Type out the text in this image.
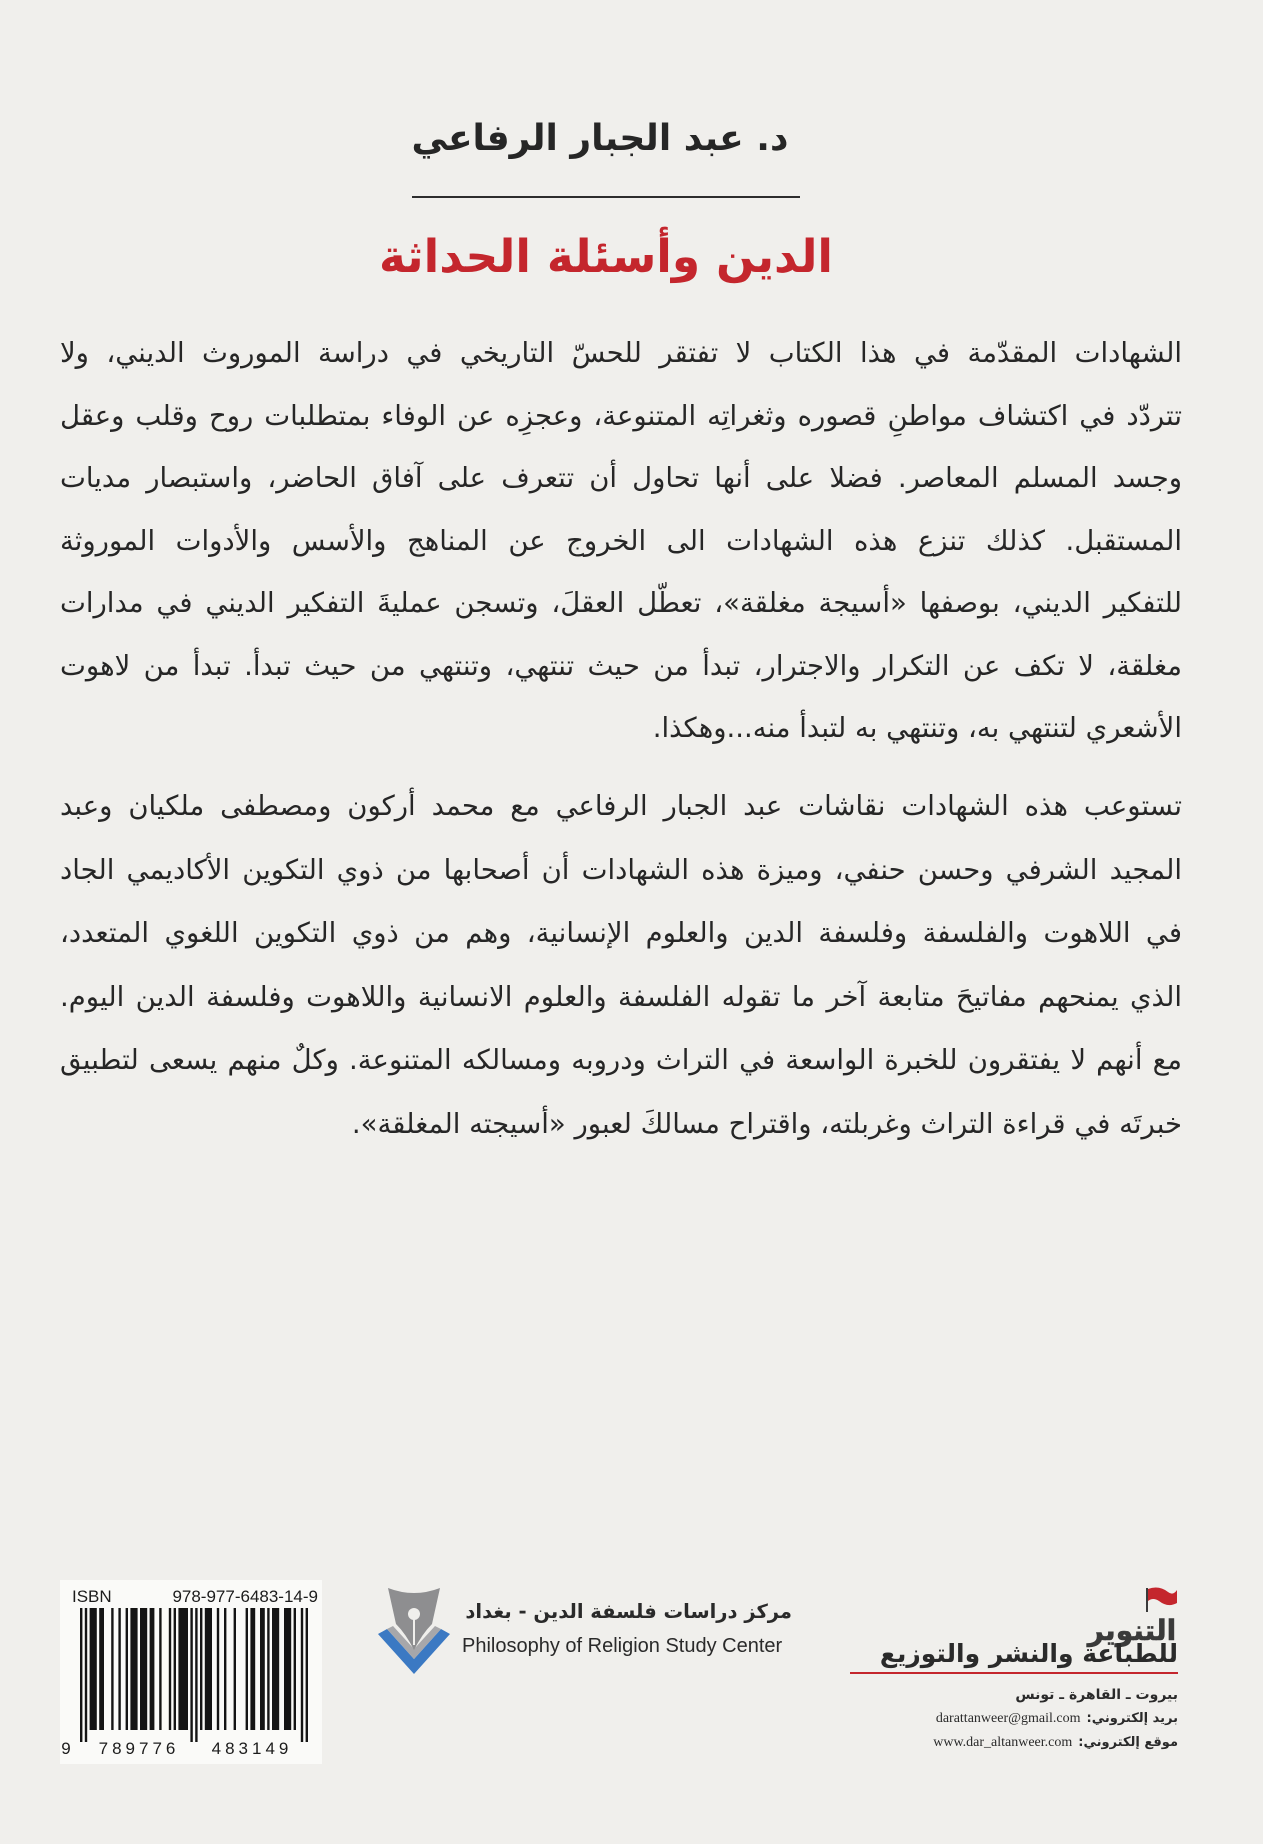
د. عبد الجبار الرفاعي
الدين وأسئلة الحداثة
الشهادات المقدّمة في هذا الكتاب لا تفتقر للحسّ التاريخي في دراسة الموروث الديني، ولا
تتردّد في اكتشاف مواطنِ قصوره وثغراتِه المتنوعة، وعجزِه عن الوفاء بمتطلبات روح وقلب وعقل
وجسد المسلم المعاصر. فضلا على أنها تحاول أن تتعرف على آفاق الحاضر، واستبصار مديات
المستقبل. كذلك تنزع هذه الشهادات الى الخروج عن المناهج والأسس والأدوات الموروثة
للتفكير الديني، بوصفها «أسيجة مغلقة»، تعطّل العقلَ، وتسجن عمليةَ التفكير الديني في مدارات
مغلقة، لا تكف عن التكرار والاجترار، تبدأ من حيث تنتهي، وتنتهي من حيث تبدأ. تبدأ من لاهوت
الأشعري لتنتهي به، وتنتهي به لتبدأ منه...وهكذا.
تستوعب هذه الشهادات نقاشات عبد الجبار الرفاعي مع محمد أركون ومصطفى ملكيان وعبد
المجيد الشرفي وحسن حنفي، وميزة هذه الشهادات أن أصحابها من ذوي التكوين الأكاديمي الجاد
في اللاهوت والفلسفة وفلسفة الدين والعلوم الإنسانية، وهم من ذوي التكوين اللغوي المتعدد،
الذي يمنحهم مفاتيحَ متابعة آخر ما تقوله الفلسفة والعلوم الانسانية واللاهوت وفلسفة الدين اليوم.
مع أنهم لا يفتقرون للخبرة الواسعة في التراث ودروبه ومسالكه المتنوعة. وكلٌ منهم يسعى لتطبيق
خبرتَه في قراءة التراث وغربلته، واقتراح مسالكَ لعبور «أسيجته المغلقة».
ISBN	978-977-6483-14-9
9 789776 483149
مركز دراسات فلسفة الدين - بغداد
Philosophy of Religion Study Center	التنوير
للطباعة والنشر والتوزيع
بيروت ـ القاهرة ـ تونس
بريد إلكتروني:
darattanweer@gmail.com
موقع إلكتروني:
www.dar_altanweer.com
